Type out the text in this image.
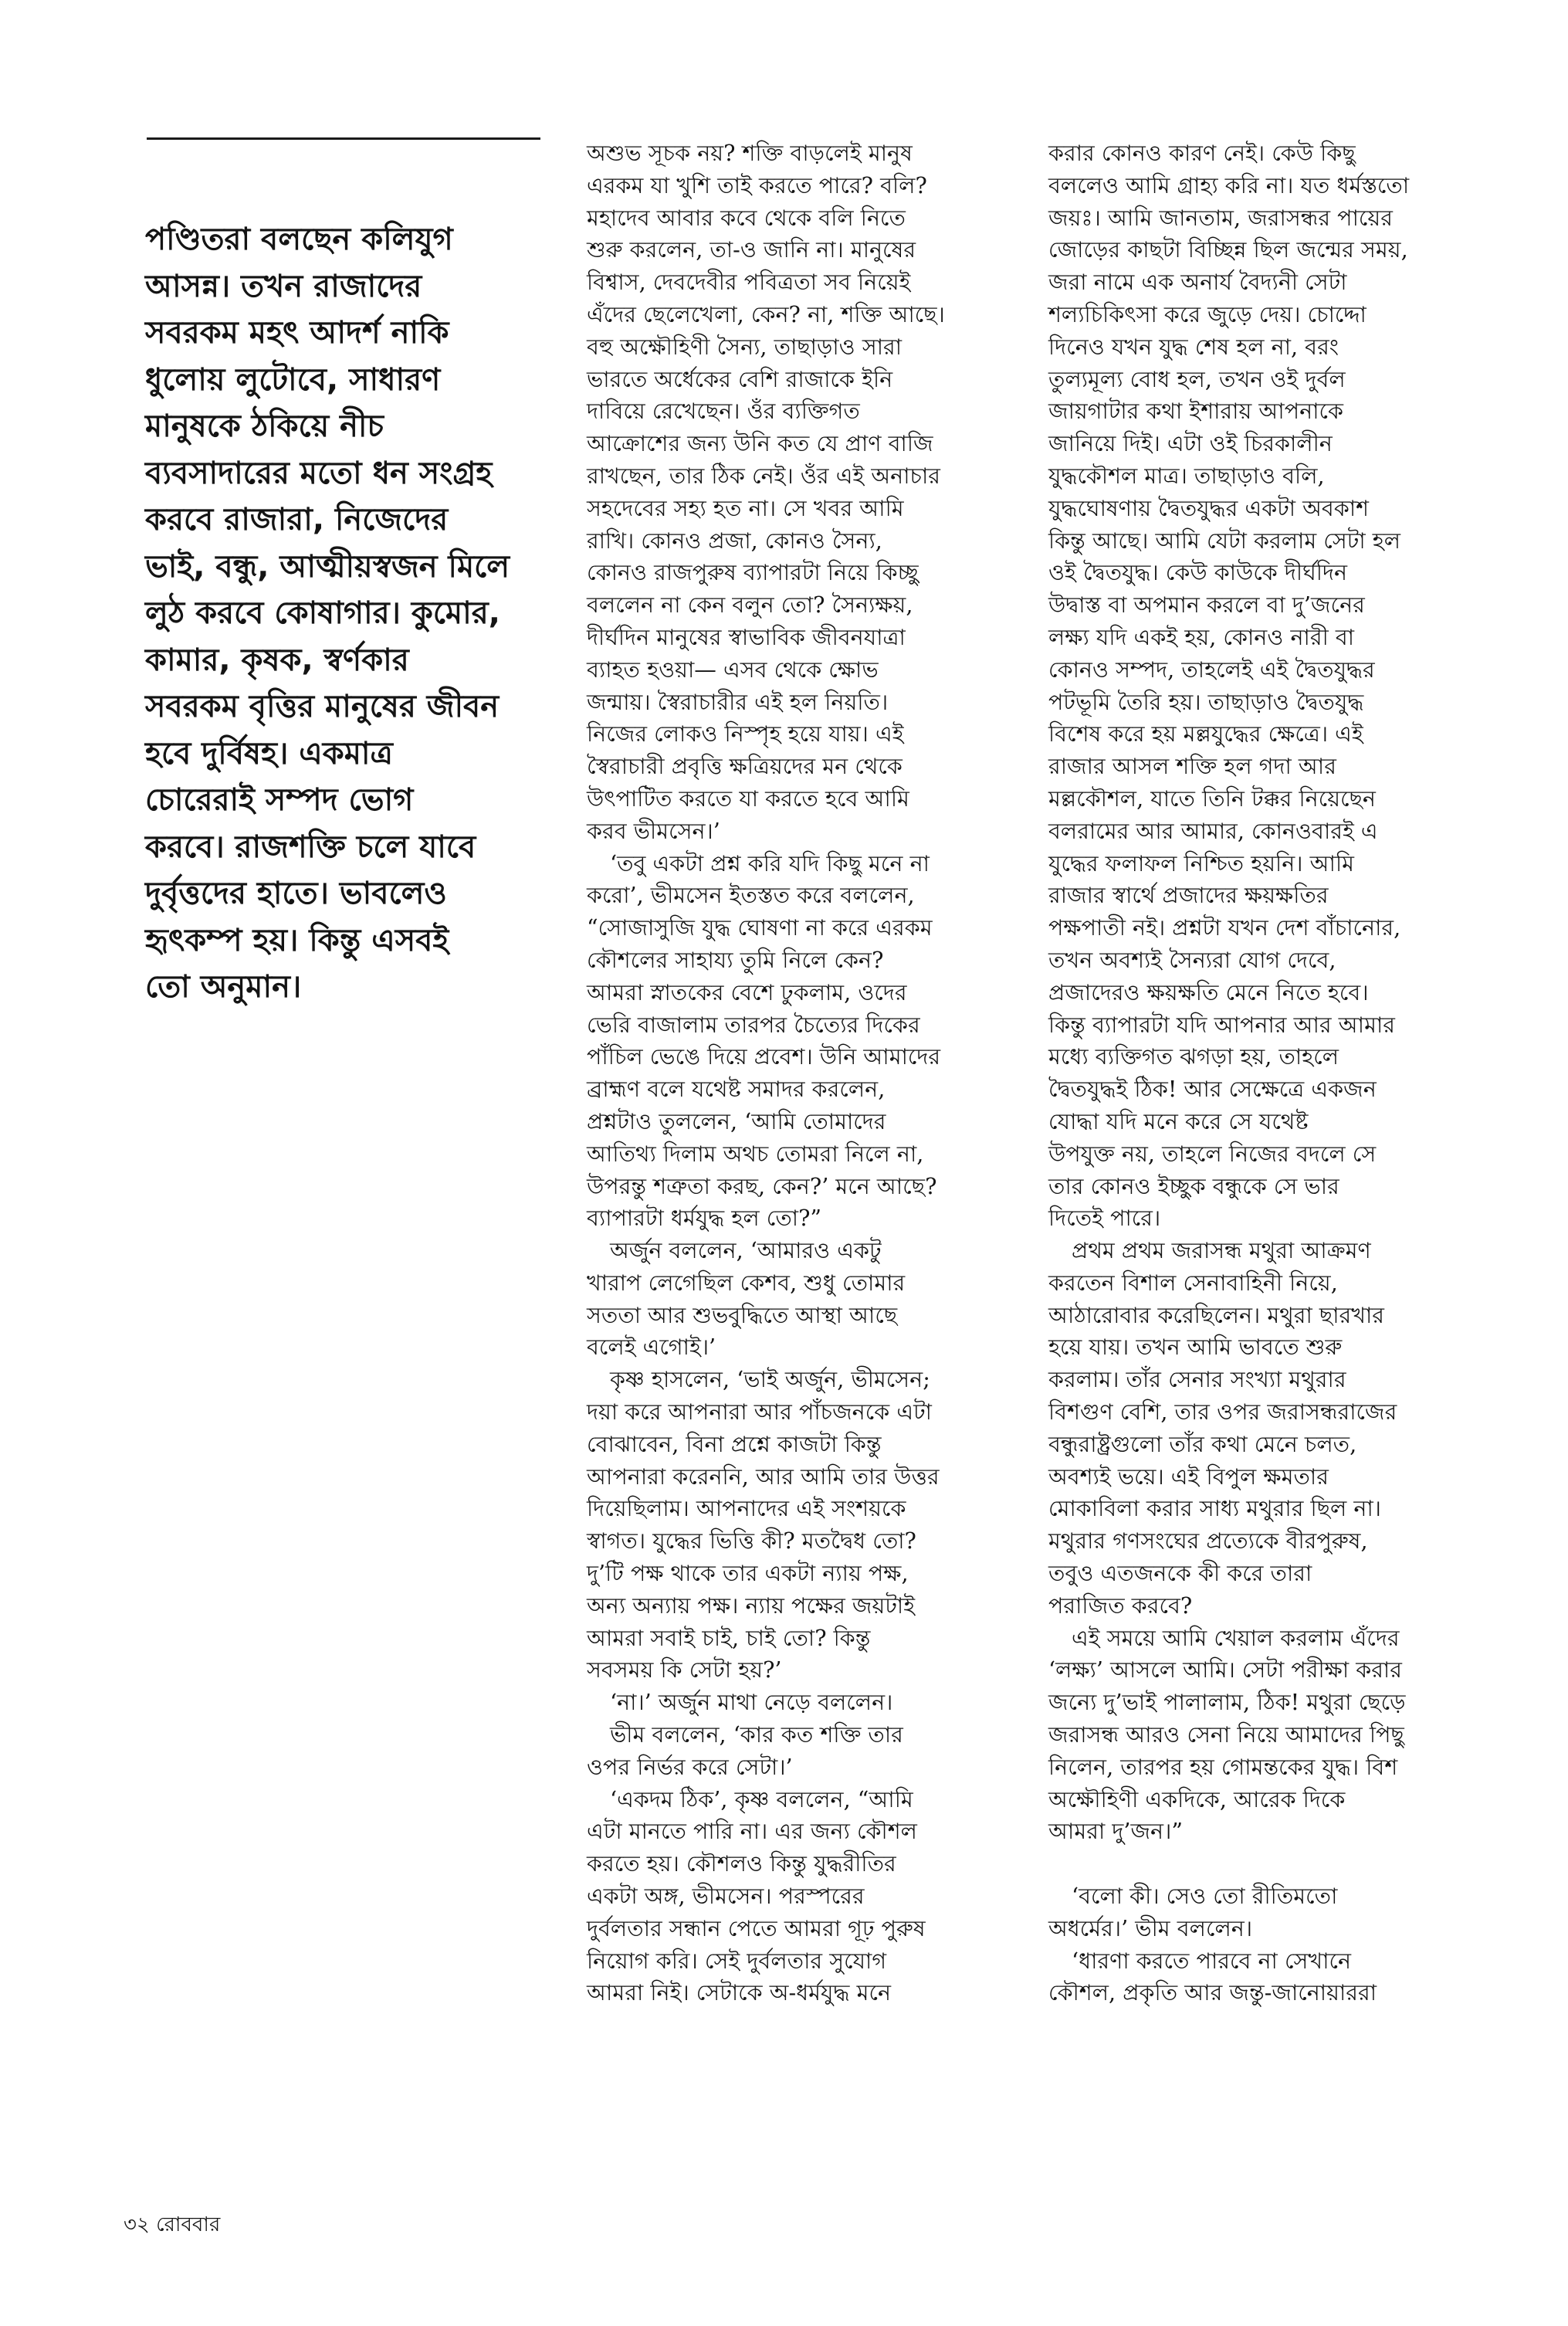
পণ্ডিতরা বলছেন কলিযুগ
আসন্ন। তখন রাজাদের
সবরকম মহৎ আদর্শ নাকি
ধুলোয় লুটোবে, সাধারণ
মানুষকে ঠকিয়ে নীচ
ব্যবসাদারের মতো ধন সংগ্রহ
করবে রাজারা, নিজেদের
ভাই, বন্ধু, আত্মীয়স্বজন মিলে
লুঠ করবে কোষাগার। কুমোর,
কামার, কৃষক, স্বর্ণকার
সবরকম বৃত্তির মানুষের জীবন
হবে দুর্বিষহ। একমাত্র
চোরেরাই সম্পদ ভোগ
করবে। রাজশক্তি চলে যাবে
দুর্বৃত্তদের হাতে। ভাবলেও
হৃৎকম্প হয়। কিন্তু এসবই
তো অনুমান।

অশুভ সূচক নয়? শক্তি বাড়লেই মানুষ
এরকম যা খুশি তাই করতে পারে? বলি?
মহাদেব আবার কবে থেকে বলি নিতে
শুরু করলেন, তা-ও জানি না। মানুষের
বিশ্বাস, দেবদেবীর পবিত্রতা সব নিয়েই
এঁদের ছেলেখেলা, কেন? না, শক্তি আছে।
বহু অক্ষৌহিণী সৈন্য, তাছাড়াও সারা
ভারতে অর্ধেকের বেশি রাজাকে ইনি
দাবিয়ে রেখেছেন। ওঁর ব্যক্তিগত
আক্রোশের জন্য উনি কত যে প্রাণ বাজি
রাখছেন, তার ঠিক নেই। ওঁর এই অনাচার
সহদেবের সহ্য হত না। সে খবর আমি
রাখি। কোনও প্রজা, কোনও সৈন্য,
কোনও রাজপুরুষ ব্যাপারটা নিয়ে কিচ্ছু
বললেন না কেন বলুন তো? সৈন্যক্ষয়,
দীর্ঘদিন মানুষের স্বাভাবিক জীবনযাত্রা
ব্যাহত হওয়া— এসব থেকে ক্ষোভ
জন্মায়। স্বৈরাচারীর এই হল নিয়তি।
নিজের লোকও নিস্পৃহ হয়ে যায়। এই
স্বৈরাচারী প্রবৃত্তি ক্ষত্রিয়দের মন থেকে
উৎপাটিত করতে যা করতে হবে আমি
করব ভীমসেন।’

‘তবু একটা প্রশ্ন করি যদি কিছু মনে না
করো’, ভীমসেন ইতস্তত করে বললেন,
“সোজাসুজি যুদ্ধ ঘোষণা না করে এরকম
কৌশলের সাহায্য তুমি নিলে কেন?
আমরা স্নাতকের বেশে ঢুকলাম, ওদের
ভেরি বাজালাম তারপর চৈত্যের দিকের
পাঁচিল ভেঙে দিয়ে প্রবেশ। উনি আমাদের
ব্রাহ্মণ বলে যথেষ্ট সমাদর করলেন,
প্রশ্নটাও তুললেন, ‘আমি তোমাদের
আতিথ্য দিলাম অথচ তোমরা নিলে না,
উপরন্তু শত্রুতা করছ, কেন?’ মনে আছে?
ব্যাপারটা ধর্মযুদ্ধ হল তো?”

অর্জুন বললেন, ‘আমারও একটু
খারাপ লেগেছিল কেশব, শুধু তোমার
সততা আর শুভবুদ্ধিতে আস্থা আছে
বলেই এগোই।’

কৃষ্ণ হাসলেন, ‘ভাই অর্জুন, ভীমসেন;
দয়া করে আপনারা আর পাঁচজনকে এটা
বোঝাবেন, বিনা প্রশ্নে কাজটা কিন্তু
আপনারা করেননি, আর আমি তার উত্তর
দিয়েছিলাম। আপনাদের এই সংশয়কে
স্বাগত। যুদ্ধের ভিত্তি কী? মতদ্বৈধ তো?
দু’টি পক্ষ থাকে তার একটা ন্যায় পক্ষ,
অন্য অন্যায় পক্ষ। ন্যায় পক্ষের জয়টাই
আমরা সবাই চাই, চাই তো? কিন্তু
সবসময় কি সেটা হয়?’

‘না।’ অর্জুন মাথা নেড়ে বললেন।

ভীম বললেন, ‘কার কত শক্তি তার
ওপর নির্ভর করে সেটা।’

‘একদম ঠিক’, কৃষ্ণ বললেন, “আমি
এটা মানতে পারি না। এর জন্য কৌশল
করতে হয়। কৌশলও কিন্তু যুদ্ধরীতির
একটা অঙ্গ, ভীমসেন। পরস্পরের
দুর্বলতার সন্ধান পেতে আমরা গূঢ় পুরুষ
নিয়োগ করি। সেই দুর্বলতার সুযোগ
আমরা নিই। সেটাকে অ-ধর্মযুদ্ধ মনে

করার কোনও কারণ নেই। কেউ কিছু
বললেও আমি গ্রাহ্য করি না। যত ধর্মস্ততো
জয়ঃ। আমি জানতাম, জরাসন্ধর পায়ের
জোড়ের কাছটা বিচ্ছিন্ন ছিল জন্মের সময়,
জরা নামে এক অনার্য বৈদ্যনী সেটা
শল্যচিকিৎসা করে জুড়ে দেয়। চোদ্দো
দিনেও যখন যুদ্ধ শেষ হল না, বরং
তুল্যমূল্য বোধ হল, তখন ওই দুর্বল
জায়গাটার কথা ইশারায় আপনাকে
জানিয়ে দিই। এটা ওই চিরকালীন
যুদ্ধকৌশল মাত্র। তাছাড়াও বলি,
যুদ্ধঘোষণায় দ্বৈতযুদ্ধর একটা অবকাশ
কিন্তু আছে। আমি যেটা করলাম সেটা হল
ওই দ্বৈতযুদ্ধ। কেউ কাউকে দীর্ঘদিন
উদ্বাস্ত বা অপমান করলে বা দু’জনের
লক্ষ্য যদি একই হয়, কোনও নারী বা
কোনও সম্পদ, তাহলেই এই দ্বৈতযুদ্ধর
পটভূমি তৈরি হয়। তাছাড়াও দ্বৈতযুদ্ধ
বিশেষ করে হয় মল্লযুদ্ধের ক্ষেত্রে। এই
রাজার আসল শক্তি হল গদা আর
মল্লকৌশল, যাতে তিনি টক্কর নিয়েছেন
বলরামের আর আমার, কোনওবারই এ
যুদ্ধের ফলাফল নিশ্চিত হয়নি। আমি
রাজার স্বার্থে প্রজাদের ক্ষয়ক্ষতির
পক্ষপাতী নই। প্রশ্নটা যখন দেশ বাঁচানোর,
তখন অবশ্যই সৈন্যরা যোগ দেবে,
প্রজাদেরও ক্ষয়ক্ষতি মেনে নিতে হবে।
কিন্তু ব্যাপারটা যদি আপনার আর আমার
মধ্যে ব্যক্তিগত ঝগড়া হয়, তাহলে
দ্বৈতযুদ্ধই ঠিক! আর সেক্ষেত্রে একজন
যোদ্ধা যদি মনে করে সে যথেষ্ট
উপযুক্ত নয়, তাহলে নিজের বদলে সে
তার কোনও ইচ্ছুক বন্ধুকে সে ভার
দিতেই পারে।

প্রথম প্রথম জরাসন্ধ মথুরা আক্রমণ
করতেন বিশাল সেনাবাহিনী নিয়ে,
আঠারোবার করেছিলেন। মথুরা ছারখার
হয়ে যায়। তখন আমি ভাবতে শুরু
করলাম। তাঁর সেনার সংখ্যা মথুরার
বিশগুণ বেশি, তার ওপর জরাসন্ধরাজের
বন্ধুরাষ্ট্রগুলো তাঁর কথা মেনে চলত,
অবশ্যই ভয়ে। এই বিপুল ক্ষমতার
মোকাবিলা করার সাধ্য মথুরার ছিল না।
মথুরার গণসংঘের প্রত্যেকে বীরপুরুষ,
তবুও এতজনকে কী করে তারা
পরাজিত করবে?

এই সময়ে আমি খেয়াল করলাম এঁদের
‘লক্ষ্য’ আসলে আমি। সেটা পরীক্ষা করার
জন্যে দু’ভাই পালালাম, ঠিক! মথুরা ছেড়ে
জরাসন্ধ আরও সেনা নিয়ে আমাদের পিছু
নিলেন, তারপর হয় গোমন্তকের যুদ্ধ। বিশ
অক্ষৌহিণী একদিকে, আরেক দিকে
আমরা দু’জন।”

‘বলো কী। সেও তো রীতিমতো
অধর্মের।’ ভীম বললেন।

‘ধারণা করতে পারবে না সেখানে
কৌশল, প্রকৃতি আর জন্তু-জানোয়াররা

৩২ রোববার
